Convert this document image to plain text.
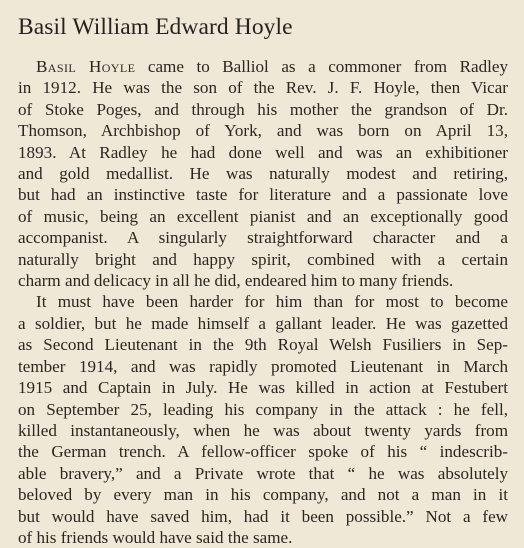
Basil William Edward Hoyle
Basil Hoyle came to Balliol as a commoner from Radley
in 1912. He was the son of the Rev. J. F. Hoyle, then Vicar
of Stoke Poges, and through his mother the grandson of Dr.
Thomson, Archbishop of York, and was born on April 13,
1893. At Radley he had done well and was an exhibitioner
and gold medallist. He was naturally modest and retiring,
but had an instinctive taste for literature and a passionate love
of music, being an excellent pianist and an exceptionally good
accompanist. A singularly straightforward character and a
naturally bright and happy spirit, combined with a certain
charm and delicacy in all he did, endeared him to many friends.
It must have been harder for him than for most to become
a soldier, but he made himself a gallant leader. He was gazetted
as Second Lieutenant in the 9th Royal Welsh Fusiliers in Sep-
tember 1914, and was rapidly promoted Lieutenant in March
1915 and Captain in July. He was killed in action at Festubert
on September 25, leading his company in the attack : he fell,
killed instantaneously, when he was about twenty yards from
the German trench. A fellow-officer spoke of his “ indescrib-
able bravery,” and a Private wrote that “ he was absolutely
beloved by every man in his company, and not a man in it
but would have saved him, had it been possible.” Not a few
of his friends would have said the same.
